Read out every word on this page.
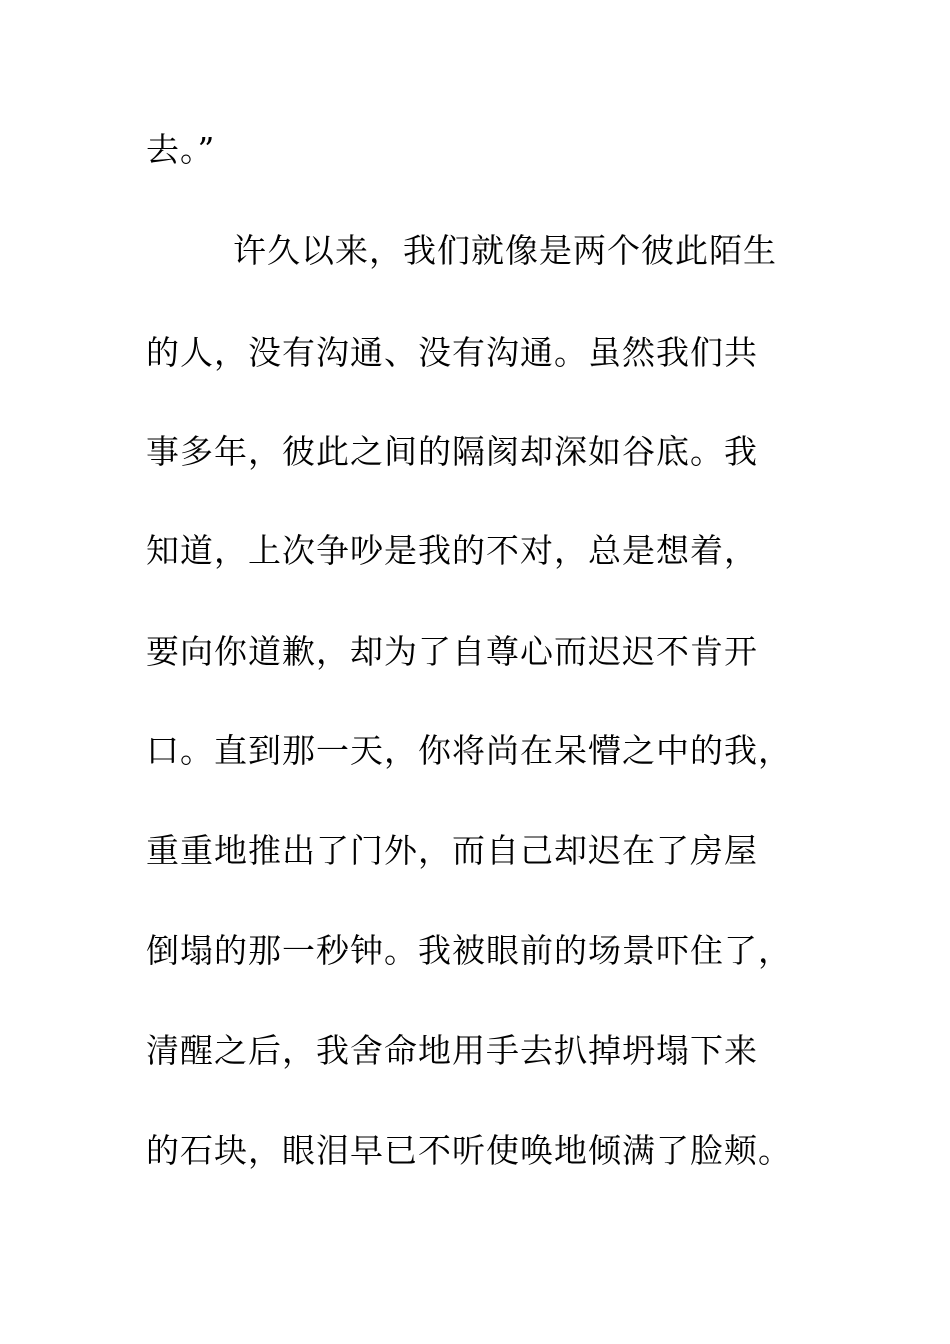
去。”
许久以来，我们就像是两个彼此陌生
的人，没有沟通、没有沟通。虽然我们共
事多年，彼此之间的隔阂却深如谷底。我
知道，上次争吵是我的不对，总是想着，
要向你道歉，却为了自尊心而迟迟不肯开
口。直到那一天，你将尚在呆懵之中的我，
重重地推出了门外，而自己却迟在了房屋
倒塌的那一秒钟。我被眼前的场景吓住了，
清醒之后，我舍命地用手去扒掉坍塌下来
的石块，眼泪早已不听使唤地倾满了脸颊。
